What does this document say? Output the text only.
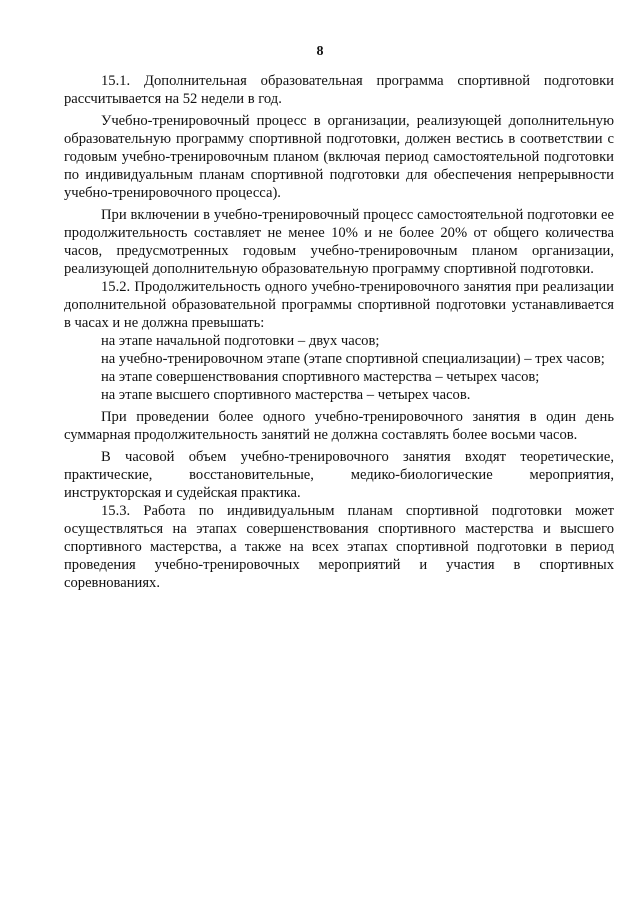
8

15.1. Дополнительная образовательная программа спортивной подготовки рассчитывается на 52 недели в год.

Учебно-тренировочный процесс в организации, реализующей дополнительную образовательную программу спортивной подготовки, должен вестись в соответствии с годовым учебно-тренировочным планом (включая период самостоятельной подготовки по индивидуальным планам спортивной подготовки для обеспечения непрерывности учебно-тренировочного процесса).

При включении в учебно-тренировочный процесс самостоятельной подготовки ее продолжительность составляет не менее 10% и не более 20% от общего количества часов, предусмотренных годовым учебно-тренировочным планом организации, реализующей дополнительную образовательную программу спортивной подготовки.

15.2. Продолжительность одного учебно-тренировочного занятия при реализации дополнительной образовательной программы спортивной подготовки устанавливается в часах и не должна превышать:

на этапе начальной подготовки – двух часов;

на учебно-тренировочном этапе (этапе спортивной специализации) – трех часов;

на этапе совершенствования спортивного мастерства – четырех часов;

на этапе высшего спортивного мастерства – четырех часов.

При проведении более одного учебно-тренировочного занятия в один день суммарная продолжительность занятий не должна составлять более восьми часов.

В часовой объем учебно-тренировочного занятия входят теоретические, практические, восстановительные, медико-биологические мероприятия, инструкторская и судейская практика.

15.3. Работа по индивидуальным планам спортивной подготовки может осуществляться на этапах совершенствования спортивного мастерства и высшего спортивного мастерства, а также на всех этапах спортивной подготовки в период проведения учебно-тренировочных мероприятий и участия в спортивных соревнованиях.
